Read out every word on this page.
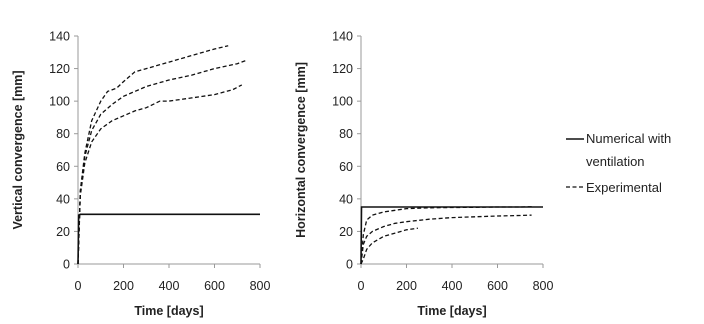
0
20
40
60
80
100
120
140
0	200 400 600 800
Time [days]
Vertical convergence [mm]
0
20
40
60
80
100
120
140
0	200 400 600 800
Time [days]
Horizontal convergence [mm]	Numerical with
ventilation
Experimental
